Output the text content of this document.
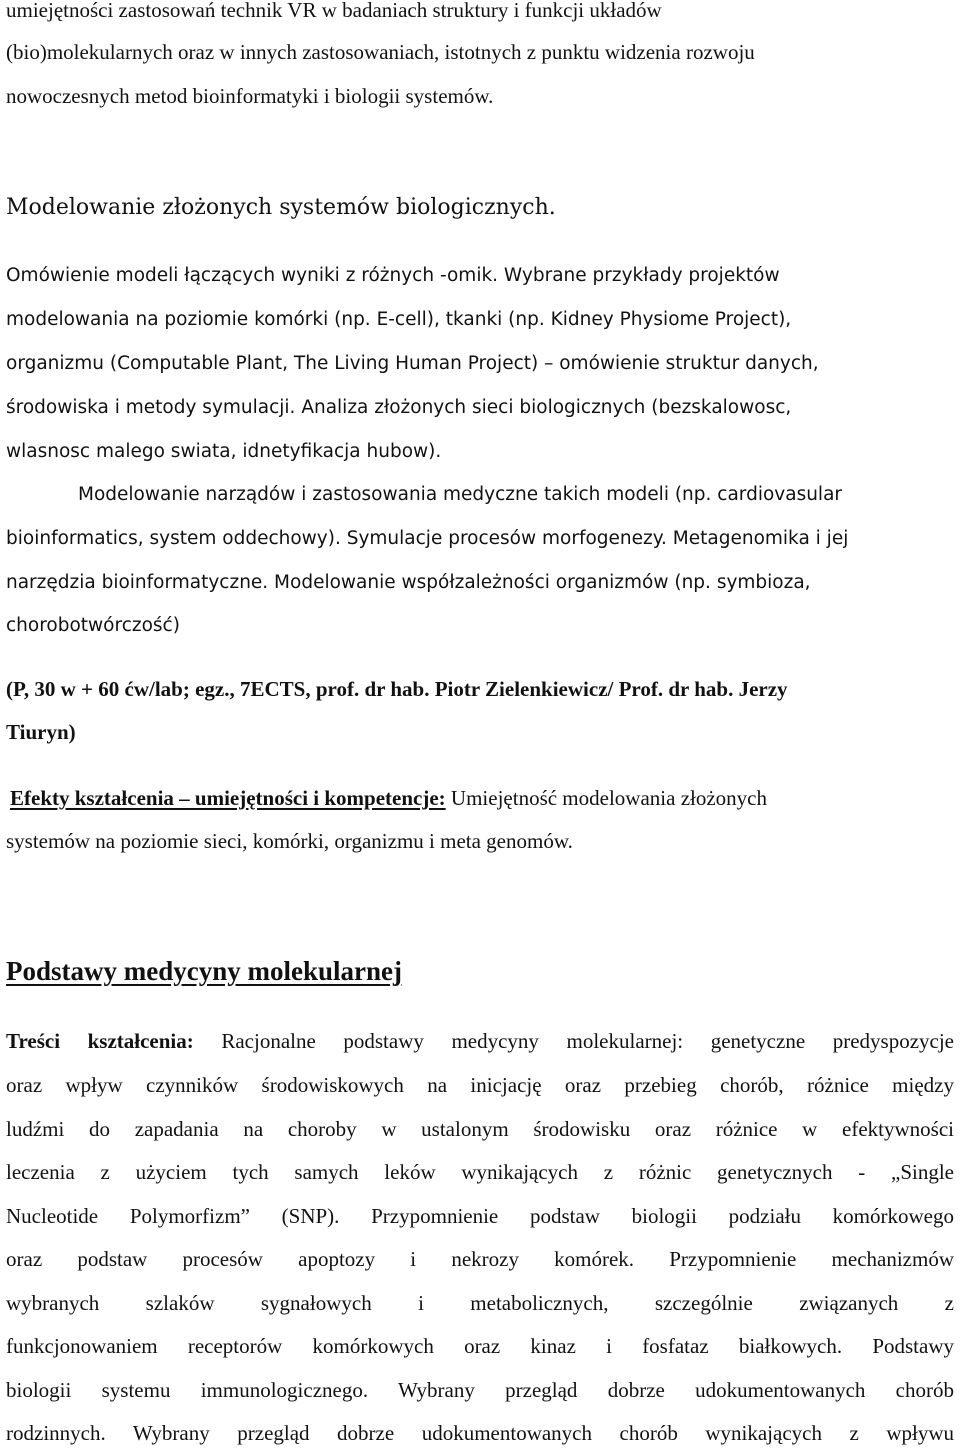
umiejętności zastosowań technik VR w badaniach struktury i funkcji układów

(bio)molekularnych oraz w innych zastosowaniach, istotnych z punktu widzenia rozwoju

nowoczesnych metod bioinformatyki i biologii systemów.

Modelowanie złożonych systemów biologicznych.

Omówienie modeli łączących wyniki z różnych -omik. Wybrane przykłady projektów

modelowania na poziomie komórki (np. E-cell), tkanki (np. Kidney Physiome Project),

organizmu (Computable Plant, The Living Human Project) – omówienie struktur danych,

środowiska i metody symulacji. Analiza złożonych sieci biologicznych (bezskalowosc,

wlasnosc malego swiata, idnetyfikacja hubow).

Modelowanie narządów i zastosowania medyczne takich modeli (np. cardiovasular

bioinformatics, system oddechowy). Symulacje procesów morfogenezy. Metagenomika i jej

narzędzia bioinformatyczne. Modelowanie współzależności organizmów (np. symbioza,

chorobotwórczość)

(P, 30 w + 60 ćw/lab; egz., 7ECTS, prof. dr hab. Piotr Zielenkiewicz/ Prof. dr hab. Jerzy

Tiuryn)

Efekty kształcenia – umiejętności i kompetencje: Umiejętność modelowania złożonych

systemów na poziomie sieci, komórki, organizmu i meta genomów.

Podstawy medycyny molekularnej

Treści kształcenia: Racjonalne podstawy medycyny molekularnej: genetyczne predyspozycje

oraz wpływ czynników środowiskowych na inicjację oraz przebieg chorób, różnice między

ludźmi do zapadania na choroby w ustalonym środowisku oraz różnice w efektywności

leczenia z użyciem tych samych leków wynikających z różnic genetycznych - „Single

Nucleotide Polymorfizm” (SNP). Przypomnienie podstaw biologii podziału komórkowego

oraz podstaw procesów apoptozy i nekrozy komórek. Przypomnienie mechanizmów

wybranych szlaków sygnałowych i metabolicznych, szczególnie związanych z

funkcjonowaniem receptorów komórkowych oraz kinaz i fosfataz białkowych. Podstawy

biologii systemu immunologicznego. Wybrany przegląd dobrze udokumentowanych chorób

rodzinnych. Wybrany przegląd dobrze udokumentowanych chorób wynikających z wpływu
